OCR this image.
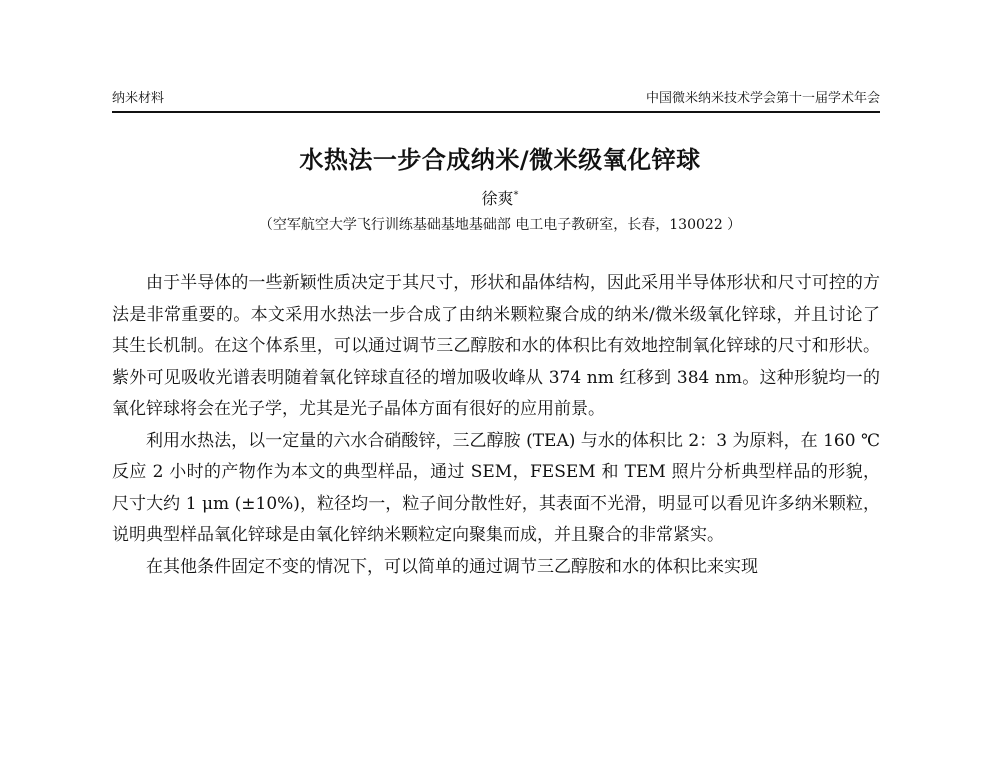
纳米材料	中国微米纳米技术学会第十一届学术年会
水热法一步合成纳米/微米级氧化锌球
徐爽*
（空军航空大学飞行训练基础基地基础部 电工电子教研室，长春，130022 ）

由于半导体的一些新颖性质决定于其尺寸，形状和晶体结构，因此采用半导体形状和尺寸可控的方法是非常重要的。本文采用水热法一步合成了由纳米颗粒聚合成的纳米/微米级氧化锌球，并且讨论了其生长机制。在这个体系里，可以通过调节三乙醇胺和水的体积比有效地控制氧化锌球的尺寸和形状。紫外可见吸收光谱表明随着氧化锌球直径的增加吸收峰从 374 nm 红移到 384 nm。这种形貌均一的氧化锌球将会在光子学，尤其是光子晶体方面有很好的应用前景。

利用水热法，以一定量的六水合硝酸锌，三乙醇胺 (TEA) 与水的体积比 2：3 为原料，在 160 ℃反应 2 小时的产物作为本文的典型样品，通过 SEM，FESEM 和 TEM 照片分析典型样品的形貌，尺寸大约 1 μm (±10%)，粒径均一，粒子间分散性好，其表面不光滑，明显可以看见许多纳米颗粒，说明典型样品氧化锌球是由氧化锌纳米颗粒定向聚集而成，并且聚合的非常紧实。

在其他条件固定不变的情况下，可以简单的通过调节三乙醇胺和水的体积比来实现
